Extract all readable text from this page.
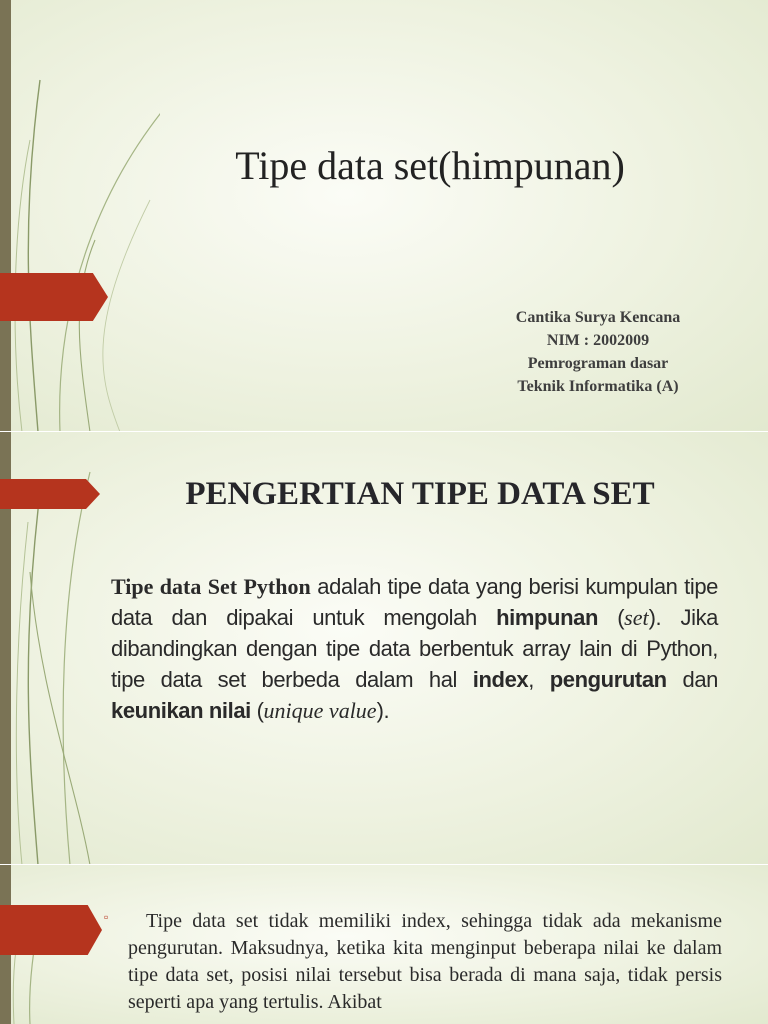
Tipe data set(himpunan)
Cantika Surya Kencana
NIM : 2002009
Pemrograman dasar
Teknik Informatika (A)
PENGERTIAN TIPE DATA SET
Tipe data Set Python adalah tipe data yang berisi kumpulan tipe data dan dipakai untuk mengolah himpunan (set). Jika dibandingkan dengan tipe data berbentuk array lain di Python, tipe data set berbeda dalam hal index, pengurutan dan keunikan nilai (unique value).
▫	Tipe data set tidak memiliki index, sehingga tidak ada mekanisme pengurutan. Maksudnya, ketika kita menginput beberapa nilai ke dalam tipe data set, posisi nilai tersebut bisa berada di mana saja, tidak persis seperti apa yang tertulis. Akibat
